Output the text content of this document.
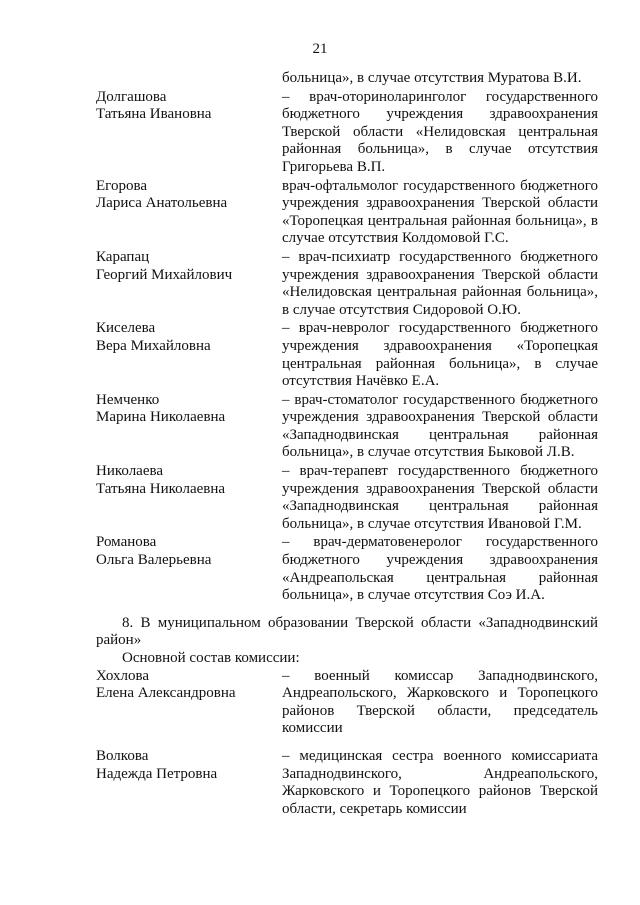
21
больница», в случае отсутствия Муратова В.И.
Долгашова
Татьяна Ивановна
– врач-оториноларинголог государственного бюджетного учреждения здравоохранения Тверской области «Нелидовская центральная районная больница», в случае отсутствия Григорьева В.П.
Егорова
Лариса Анатольевна
врач-офтальмолог государственного бюджетного учреждения здравоохранения Тверской области «Торопецкая центральная районная больница», в случае отсутствия Колдомовой Г.С.
Карапац
Георгий Михайлович
– врач-психиатр государственного бюджетного учреждения здравоохранения Тверской области «Нелидовская центральная районная больница», в случае отсутствия Сидоровой О.Ю.
Киселева
Вера Михайловна
– врач-невролог государственного бюджетного учреждения здравоохранения «Торопецкая центральная районная больница», в случае отсутствия Начёвко Е.А.
Немченко
Марина Николаевна
– врач-стоматолог государственного бюджетного учреждения здравоохранения Тверской области «Западнодвинская центральная районная больница», в случае отсутствия Быковой Л.В.
Николаева
Татьяна Николаевна
– врач-терапевт государственного бюджетного учреждения здравоохранения Тверской области «Западнодвинская центральная районная больница», в случае отсутствия Ивановой Г.М.
Романова
Ольга Валерьевна
– врач-дерматовенеролог государственного бюджетного учреждения здравоохранения «Андреапольская центральная районная больница», в случае отсутствия Соэ И.А.
8. В муниципальном образовании Тверской области «Западнодвинский район»
Основной состав комиссии:
Хохлова
Елена Александровна
– военный комиссар Западнодвинского, Андреапольского, Жарковского и Торопецкого районов Тверской области, председатель комиссии
Волкова
Надежда Петровна
– медицинская сестра военного комиссариата Западнодвинского, Андреапольского, Жарковского и Торопецкого районов Тверской области, секретарь комиссии
